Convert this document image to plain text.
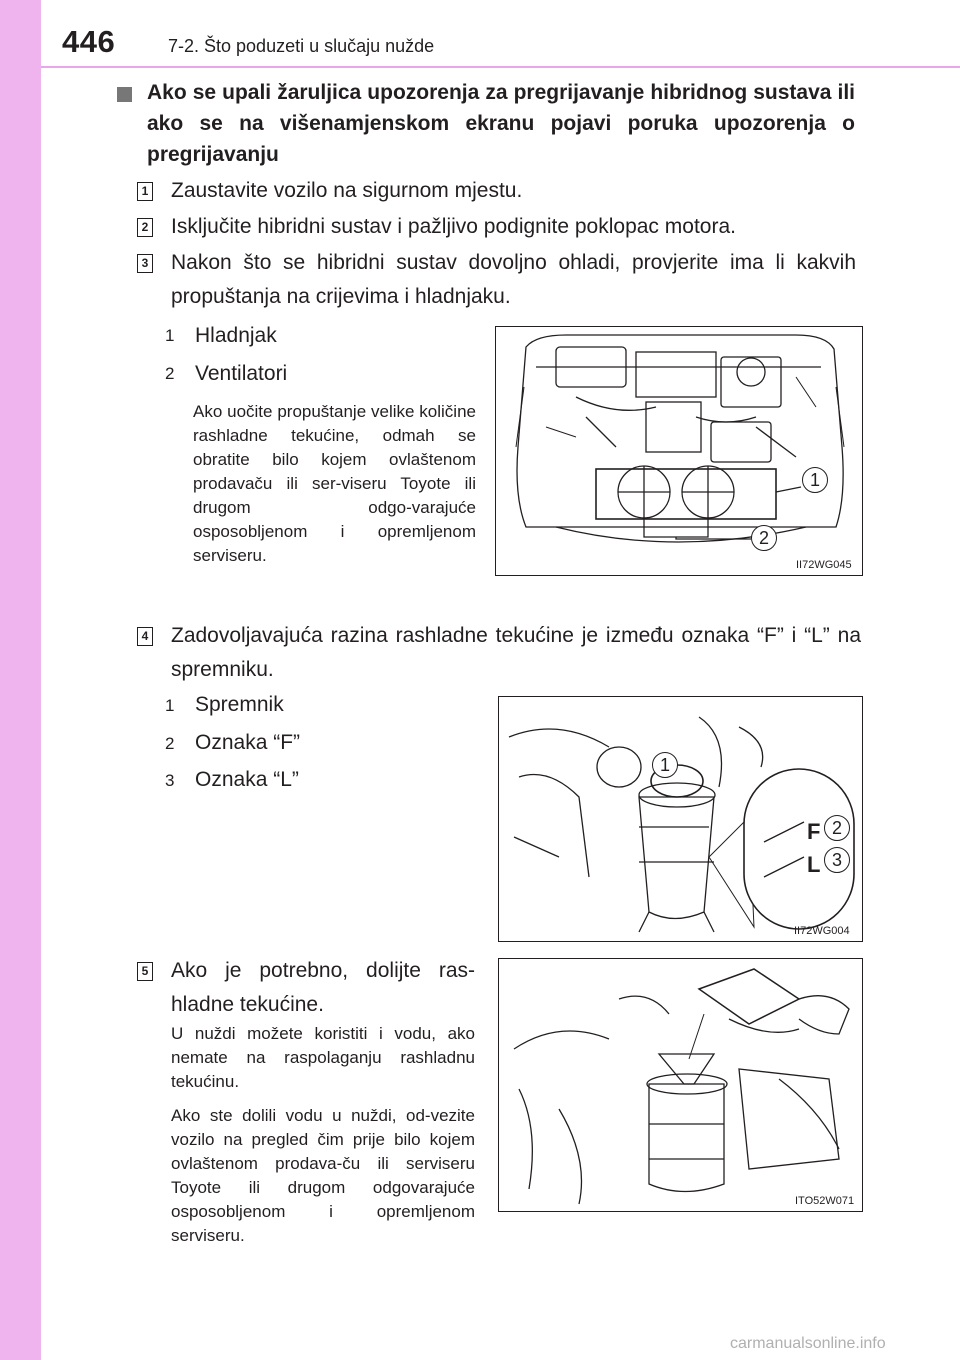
446	7-2. Što poduzeti u slučaju nužde
Ako se upali žaruljica upozorenja za pregrijavanje hibridnog sustava ili ako se na višenamjenskom ekranu pojavi poruka upozorenja o pregrijavanju
1 Zaustavite vozilo na sigurnom mjestu.
2 Isključite hibridni sustav i pažljivo podignite poklopac motora.
3 Nakon što se hibridni sustav dovoljno ohladi, provjerite ima li kakvih propuštanja na crijevima i hladnjaku.
1 Hladnjak
2 Ventilatori
Ako uočite propuštanje velike količine rashladne tekućine, odmah se obratite bilo kojem ovlaštenom prodavaču ili ser-viseru Toyote ili drugom odgo-varajuće osposobljenom i opremljenom serviseru.
1
2
II72WG045
4 Zadovoljavajuća razina rashladne tekućine je između oznaka “F” i “L” na spremniku.
1 Spremnik
2 Oznaka “F”
3 Oznaka “L”
F
L
1
2
3
II72WG004
5 Ako je potrebno, dolijte ras-hladne tekućine.
U nuždi možete koristiti i vodu, ako nemate na raspolaganju rashladnu tekućinu.
Ako ste dolili vodu u nuždi, od-vezite vozilo na pregled čim prije bilo kojem ovlaštenom prodava-ču ili serviseru Toyote ili drugom odgovarajuće osposobljenom i opremljenom serviseru.
ITO52W071
carmanualsonline.info
